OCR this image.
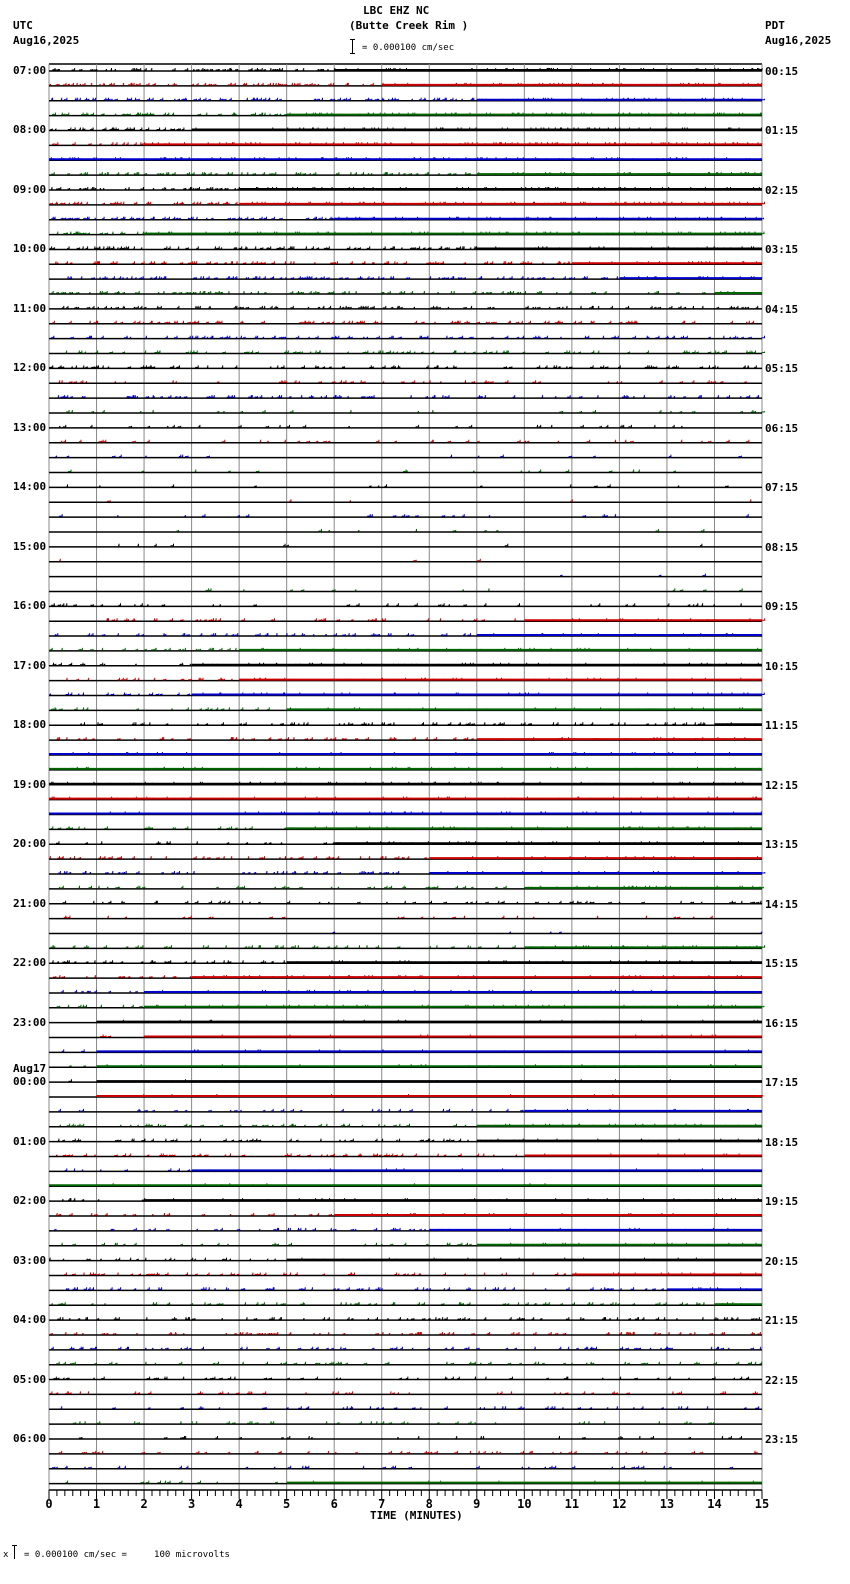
LBC EHZ NC
(Butte Creek Rim )
= 0.000100 cm/sec
UTC
Aug16,2025
PDT
Aug16,2025
07:00
08:00
09:00
10:00
11:00
12:00
13:00
14:00
15:00
16:00
17:00
18:00
19:00
20:00
21:00
22:00
23:00
00:00
Aug17
01:00
02:00
03:00
04:00
05:00
06:00
00:15
01:15
02:15
03:15
04:15
05:15
06:15
07:15
08:15
09:15
10:15
11:15
12:15
13:15
14:15
15:15
16:15
17:15
18:15
19:15
20:15
21:15
22:15
23:15
0	1	2	3	4	5	6	7	8	9	10	11	12	13	14	15
TIME (MINUTES)
x = 0.000100 cm/sec =     100 microvolts
